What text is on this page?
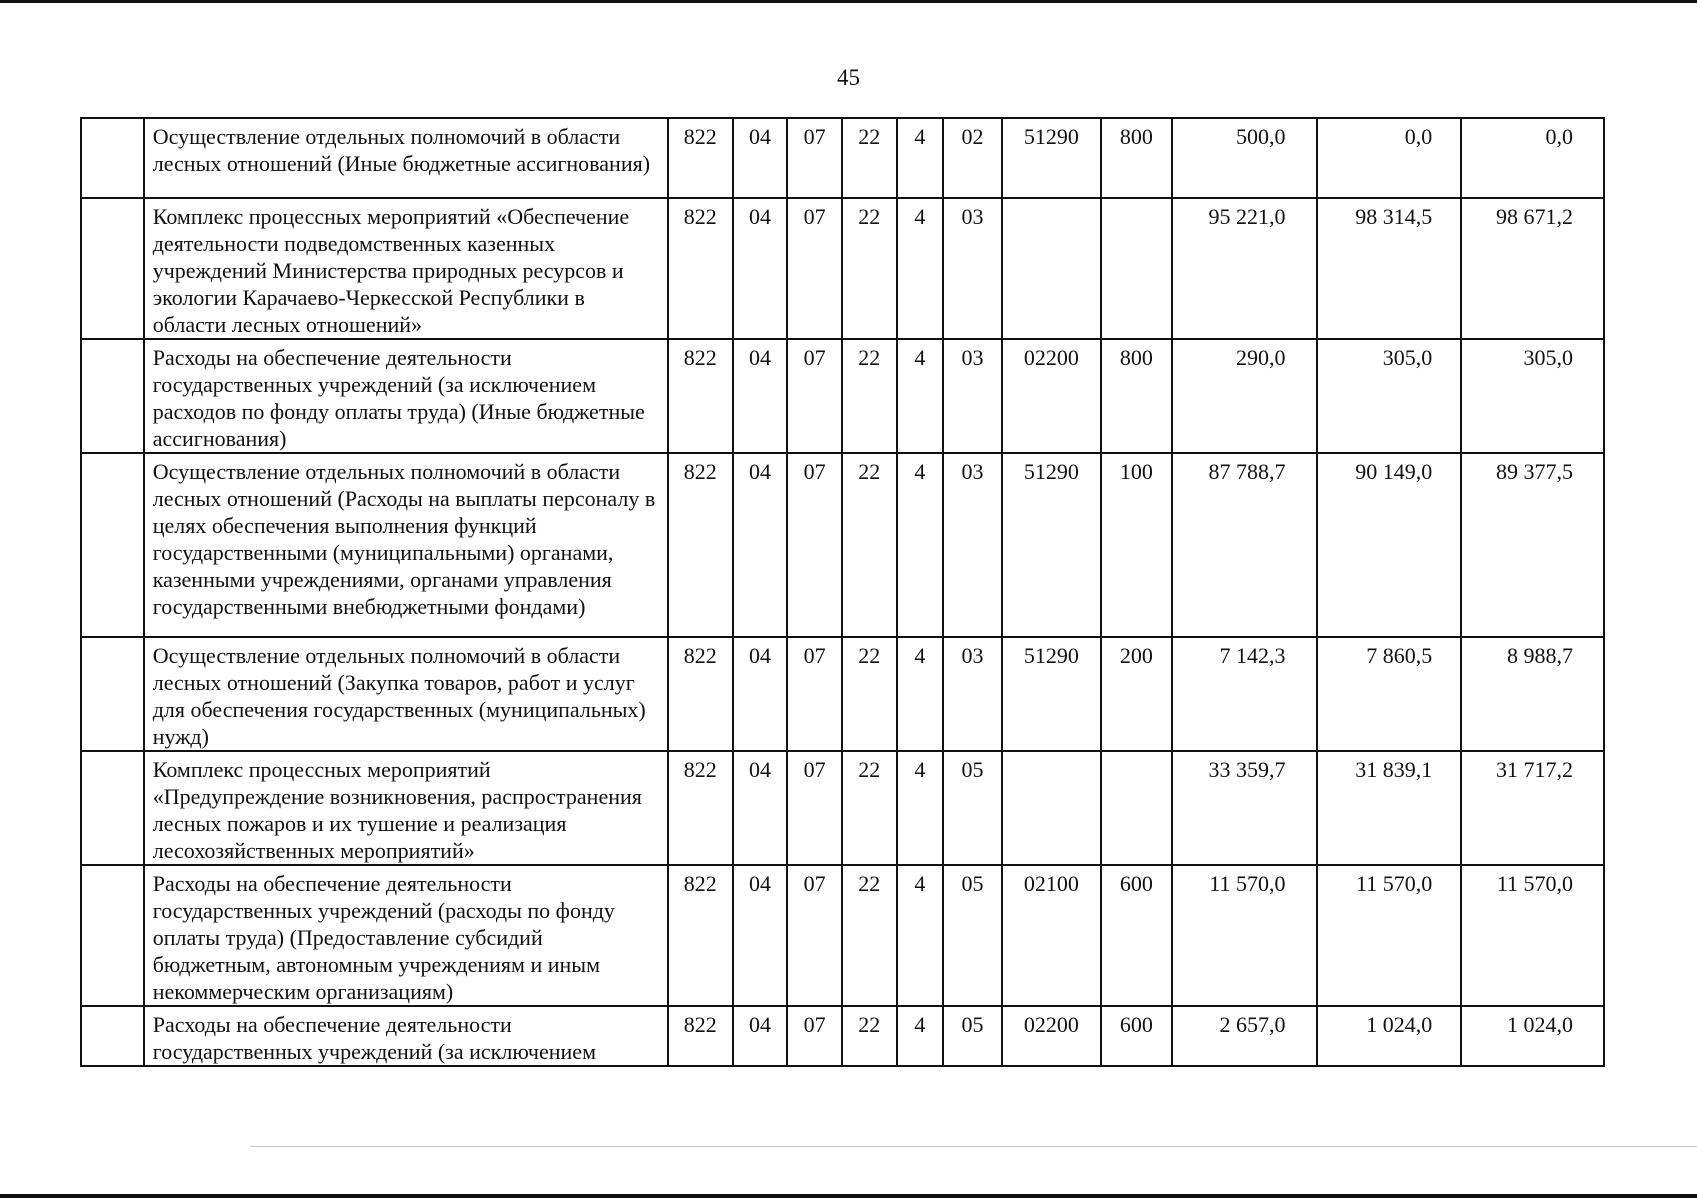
45
	Осуществление отдельных полномочий в области лесных отношений (Иные бюджетные ассигнования)	822	04	07	22	4	02	51290	800	500,0	0,0	0,0
	Комплекс процессных мероприятий «Обеспечение деятельности подведомственных казенных учреждений Министерства природных ресурсов и экологии Карачаево-Черкесской Республики в области лесных отношений»	822	04	07	22	4	03			95 221,0	98 314,5	98 671,2
	Расходы на обеспечение деятельности государственных учреждений (за исключением расходов по фонду оплаты труда) (Иные бюджетные ассигнования)	822	04	07	22	4	03	02200	800	290,0	305,0	305,0
	Осуществление отдельных полномочий в области лесных отношений (Расходы на выплаты персоналу в целях обеспечения выполнения функций государственными (муниципальными) органами, казенными учреждениями, органами управления государственными внебюджетными фондами)	822	04	07	22	4	03	51290	100	87 788,7	90 149,0	89 377,5
	Осуществление отдельных полномочий в области лесных отношений (Закупка товаров, работ и услуг для обеспечения государственных (муниципальных) нужд)	822	04	07	22	4	03	51290	200	7 142,3	7 860,5	8 988,7
	Комплекс процессных мероприятий «Предупреждение возникновения, распространения лесных пожаров и их тушение и реализация лесохозяйственных мероприятий»	822	04	07	22	4	05			33 359,7	31 839,1	31 717,2
	Расходы на обеспечение деятельности государственных учреждений (расходы по фонду оплаты труда) (Предоставление субсидий бюджетным, автономным учреждениям и иным некоммерческим организациям)	822	04	07	22	4	05	02100	600	11 570,0	11 570,0	11 570,0
	Расходы на обеспечение деятельности государственных учреждений (за исключением	822	04	07	22	4	05	02200	600	2 657,0	1 024,0	1 024,0
